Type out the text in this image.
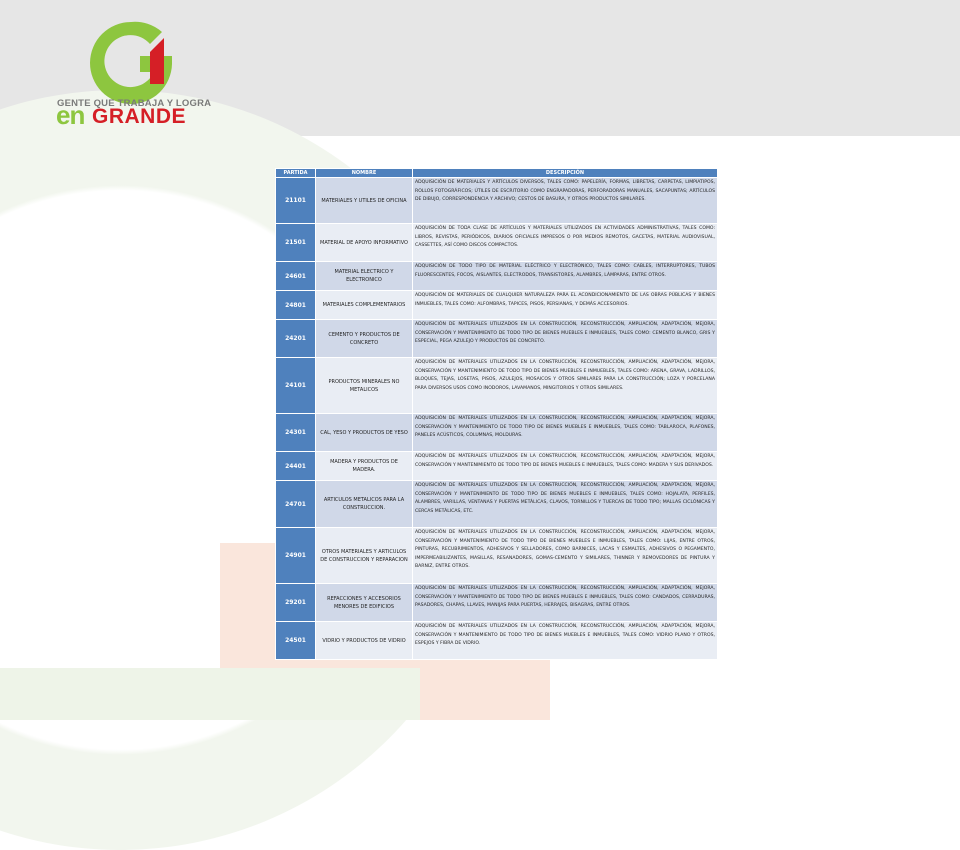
GENTE QUE TRABAJA Y LOGRA
en GRANDE
PARTIDA	NOMBRE	DESCRIPCIÓN
21101	MATERIALES Y UTILES DE OFICINA	ADQUISICIÓN DE MATERIALES Y ARTÍCULOS DIVERSOS, TALES COMO: PAPELERÍA, FORMAS, LIBRETAS, CARPETAS, LIMPIATIPOS, ROLLOS FOTOGRÁFICOS; ÚTILES DE ESCRITORIO COMO ENGRAPADORAS, PERFORADORAS MANUALES, SACAPUNTAS; ARTÍCULOS DE DIBUJO, CORRESPONDENCIA Y ARCHIVO; CESTOS DE BASURA, Y OTROS PRODUCTOS SIMILARES.
21501	MATERIAL DE APOYO INFORMATIVO	ADQUISICIÓN DE TODA CLASE DE ARTÍCULOS Y MATERIALES UTILIZADOS EN ACTIVIDADES ADMINISTRATIVAS, TALES COMO: LIBROS, REVISTAS, PERIÓDICOS, DIARIOS OFICIALES IMPRESOS O POR MEDIOS REMOTOS, GACETAS, MATERIAL AUDIOVISUAL, CASSETTES, ASÍ COMO DISCOS COMPACTOS.
24601	MATERIAL ELECTRICO Y ELECTRONICO	ADQUISICIÓN DE TODO TIPO DE MATERIAL ELÉCTRICO Y ELECTRÓNICO, TALES COMO: CABLES, INTERRUPTORES, TUBOS FLUORESCENTES, FOCOS, AISLANTES, ELECTRODOS, TRANSISTORES, ALAMBRES, LÁMPARAS, ENTRE OTROS.
24801	MATERIALES COMPLEMENTARIOS	ADQUISICIÓN DE MATERIALES DE CUALQUIER NATURALEZA PARA EL ACONDICIONAMIENTO DE LAS OBRAS PÚBLICAS Y BIENES INMUEBLES, TALES COMO: ALFOMBRAS, TAPICES, PISOS, PERSIANAS, Y DEMÁS ACCESORIOS.
24201	CEMENTO Y PRODUCTOS DE CONCRETO	ADQUISICIÓN DE MATERIALES UTILIZADOS EN LA CONSTRUCCIÓN, RECONSTRUCCIÓN, AMPLIACIÓN, ADAPTACIÓN, MEJORA, CONSERVACIÓN Y MANTENIMIENTO DE TODO TIPO DE BIENES MUEBLES E INMUEBLES, TALES COMO: CEMENTO BLANCO, GRIS Y ESPECIAL, PEGA AZULEJO Y PRODUCTOS DE CONCRETO.
24101	PRODUCTOS MINERALES NO METALICOS	ADQUISICIÓN DE MATERIALES UTILIZADOS EN LA CONSTRUCCIÓN, RECONSTRUCCIÓN, AMPLIACIÓN, ADAPTACIÓN, MEJORA, CONSERVACIÓN Y MANTENIMIENTO DE TODO TIPO DE BIENES MUEBLES E INMUEBLES, TALES COMO: ARENA, GRAVA, LADRILLOS, BLOQUES, TEJAS, LOSETAS, PISOS, AZULEJOS, MOSAICOS Y OTROS SIMILARES PARA LA CONSTRUCCIÓN; LOZA Y PORCELANA PARA DIVERSOS USOS COMO INODOROS, LAVAMANOS, MINGITORIOS Y OTROS SIMILARES.
24301	CAL, YESO Y PRODUCTOS DE YESO	ADQUISICIÓN DE MATERIALES UTILIZADOS EN LA CONSTRUCCIÓN, RECONSTRUCCIÓN, AMPLIACIÓN, ADAPTACIÓN, MEJORA, CONSERVACIÓN Y MANTENIMIENTO DE TODO TIPO DE BIENES MUEBLES E INMUEBLES, TALES COMO: TABLAROCA, PLAFONES, PANELES ACÚSTICOS, COLUMNAS, MOLDURAS.
24401	MADERA Y PRODUCTOS DE MADERA.	ADQUISICIÓN DE MATERIALES UTILIZADOS EN LA CONSTRUCCIÓN, RECONSTRUCCIÓN, AMPLIACIÓN, ADAPTACIÓN, MEJORA, CONSERVACIÓN Y MANTENIMIENTO DE TODO TIPO DE BIENES MUEBLES E INMUEBLES, TALES COMO: MADERA Y SUS DERIVADOS.
24701	ARTICULOS METALICOS PARA LA CONSTRUCCION.	ADQUISICIÓN DE MATERIALES UTILIZADOS EN LA CONSTRUCCIÓN, RECONSTRUCCIÓN, AMPLIACIÓN, ADAPTACIÓN, MEJORA, CONSERVACIÓN Y MANTENIMIENTO DE TODO TIPO DE BIENES MUEBLES E INMUEBLES, TALES COMO: HOJALATA, PERFILES, ALAMBRES, VARILLAS, VENTANAS Y PUERTAS METÁLICAS, CLAVOS, TORNILLOS Y TUERCAS DE TODO TIPO; MALLAS CICLÓNICAS Y CERCAS METÁLICAS, ETC.
24901	OTROS MATERIALES Y ARTICULOS DE CONSTRUCCION Y REPARACION	ADQUISICIÓN DE MATERIALES UTILIZADOS EN LA CONSTRUCCIÓN, RECONSTRUCCIÓN, AMPLIACIÓN, ADAPTACIÓN, MEJORA, CONSERVACIÓN Y MANTENIMIENTO DE TODO TIPO DE BIENES MUEBLES E INMUEBLES, TALES COMO: LIJAS, ENTRE OTROS, PINTURAS, RECUBRIMIENTOS, ADHESIVOS Y SELLADORES, COMO BARNICES, LACAS Y ESMALTES, ADHESIVOS O PEGAMENTO, IMPERMEABILIZANTES, MASILLAS, RESANADORES, GOMAS-CEMENTO Y SIMILARES, THINNER Y REMOVEDORES DE PINTURA Y BARNIZ, ENTRE OTROS.
29201	REFACCIONES Y ACCESORIOS MENORES DE EDIFICIOS	ADQUISICIÓN DE MATERIALES UTILIZADOS EN LA CONSTRUCCIÓN, RECONSTRUCCIÓN, AMPLIACIÓN, ADAPTACIÓN, MEJORA, CONSERVACIÓN Y MANTENIMIENTO DE TODO TIPO DE BIENES MUEBLES E INMUEBLES, TALES COMO: CANDADOS, CERRADURAS, PASADORES, CHAPAS, LLAVES, MANIJAS PARA PUERTAS, HERRAJES, BISAGRAS, ENTRE OTROS.
24501	VIDRIO Y PRODUCTOS DE VIDRIO	ADQUISICIÓN DE MATERIALES UTILIZADOS EN LA CONSTRUCCIÓN, RECONSTRUCCIÓN, AMPLIACIÓN, ADAPTACIÓN, MEJORA, CONSERVACIÓN Y MANTENIMIENTO DE TODO TIPO DE BIENES MUEBLES E INMUEBLES, TALES COMO: VIDRIO PLANO Y OTROS, ESPEJOS Y FIBRA DE VIDRIO.
